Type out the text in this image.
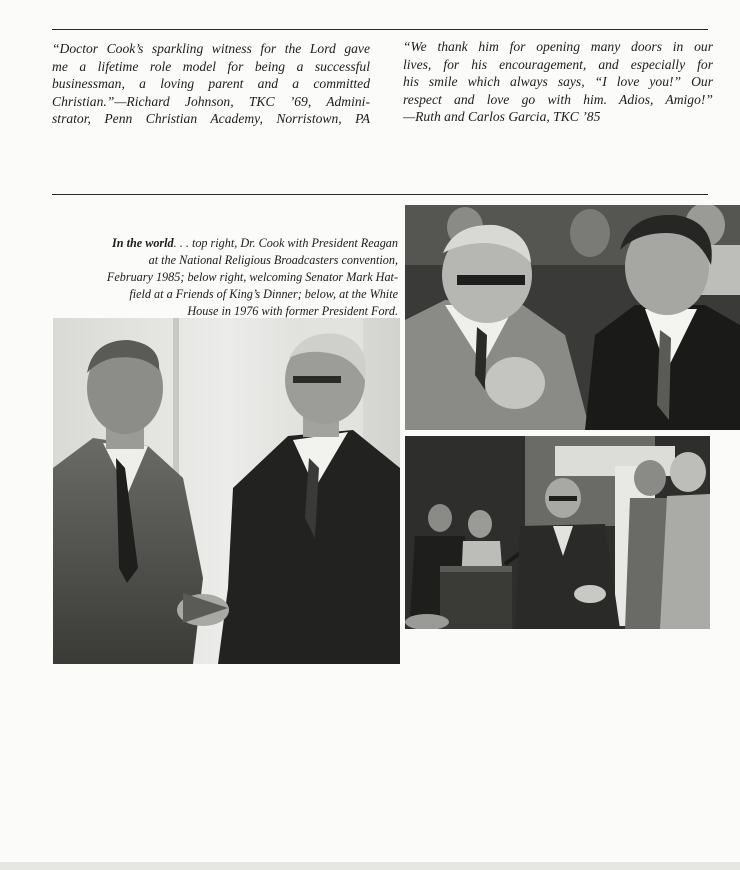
“Doctor Cook’s sparkling witness for the Lord gave
me a lifetime role model for being a successful
businessman, a loving parent and a committed
Christian.”—Richard Johnson, TKC ’69, Admini-
strator, Penn Christian Academy, Norristown, PA
“We thank him for opening many doors in our
lives, for his encouragement, and especially for
his smile which always says, “I love you!” Our
respect and love go with him. Adios, Amigo!”
—Ruth and Carlos Garcia, TKC ’85
In the world. . . top right, Dr. Cook with President Reagan
at the National Religious Broadcasters convention,
February 1985; below right, welcoming Senator Mark Hat-
field at a Friends of King’s Dinner; below, at the White
House in 1976 with former President Ford.
